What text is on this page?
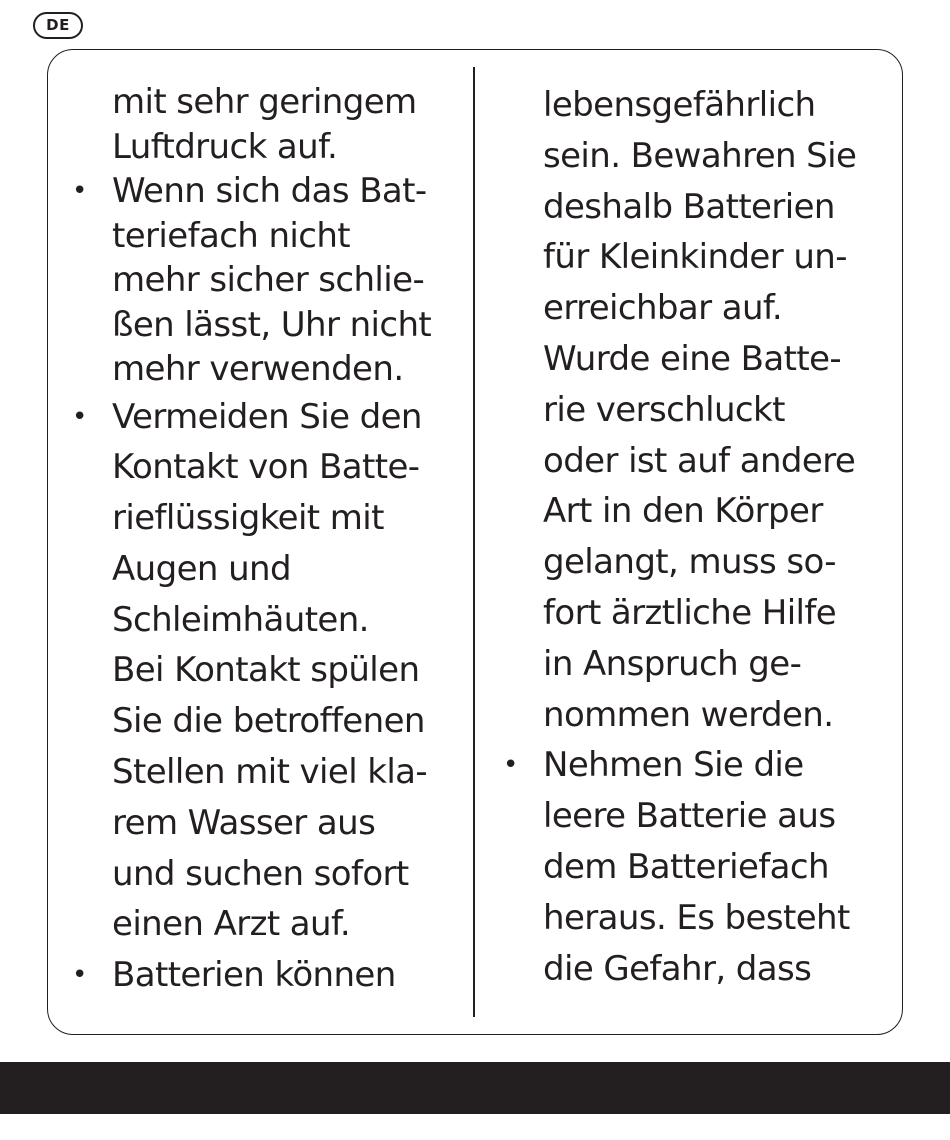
DE
mit sehr geringem
Luftdruck auf.
• Wenn sich das Bat-
teriefach nicht
mehr sicher schlie-
ßen lässt, Uhr nicht
mehr verwenden.
• Vermeiden Sie den
Kontakt von Batte-
rieflüssigkeit mit
Augen und
Schleimhäuten.
Bei Kontakt spülen
Sie die betroffenen
Stellen mit viel kla-
rem Wasser aus
und suchen sofort
einen Arzt auf.
• Batterien können
lebensgefährlich
sein. Bewahren Sie
deshalb Batterien
für Kleinkinder un-
erreichbar auf.
Wurde eine Batte-
rie verschluckt
oder ist auf andere
Art in den Körper
gelangt, muss so-
fort ärztliche Hilfe
in Anspruch ge-
nommen werden.
• Nehmen Sie die
leere Batterie aus
dem Batteriefach
heraus. Es besteht
die Gefahr, dass
